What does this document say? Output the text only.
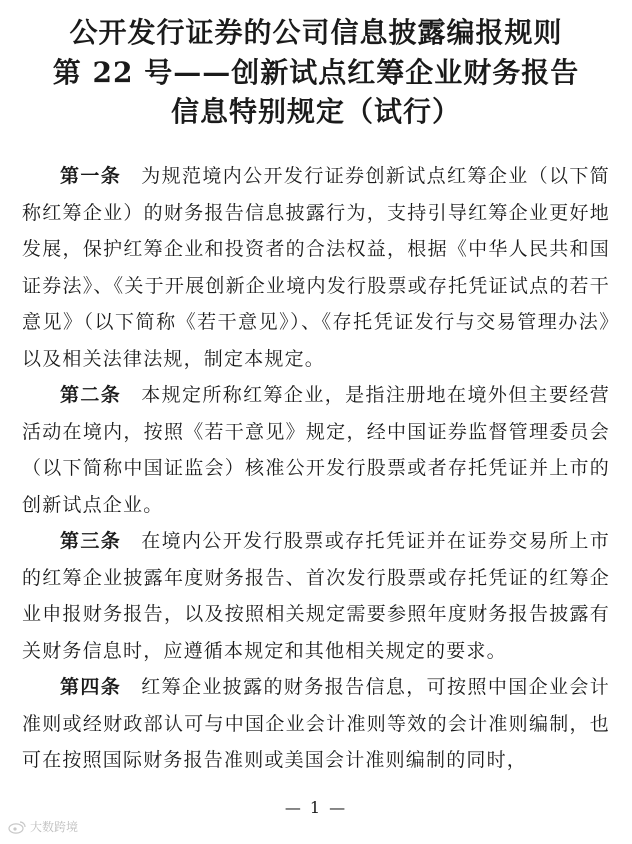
公开发行证券的公司信息披露编报规则
第 22 号——创新试点红筹企业财务报告
信息特别规定（试行）

第一条 为规范境内公开发行证券创新试点红筹企业（以下简称红筹企业）的财务报告信息披露行为，支持引导红筹企业更好地发展，保护红筹企业和投资者的合法权益，根据《中华人民共和国证券法》、《关于开展创新企业境内发行股票或存托凭证试点的若干意见》（以下简称《若干意见》）、《存托凭证发行与交易管理办法》以及相关法律法规，制定本规定。

第二条 本规定所称红筹企业，是指注册地在境外但主要经营活动在境内，按照《若干意见》规定，经中国证券监督管理委员会（以下简称中国证监会）核准公开发行股票或者存托凭证并上市的创新试点企业。

第三条 在境内公开发行股票或存托凭证并在证券交易所上市的红筹企业披露年度财务报告、首次发行股票或存托凭证的红筹企业申报财务报告，以及按照相关规定需要参照年度财务报告披露有关财务信息时，应遵循本规定和其他相关规定的要求。

第四条 红筹企业披露的财务报告信息，可按照中国企业会计准则或经财政部认可与中国企业会计准则等效的会计准则编制，也可在按照国际财务报告准则或美国会计准则编制的同时，

— 1 —
大数跨境
